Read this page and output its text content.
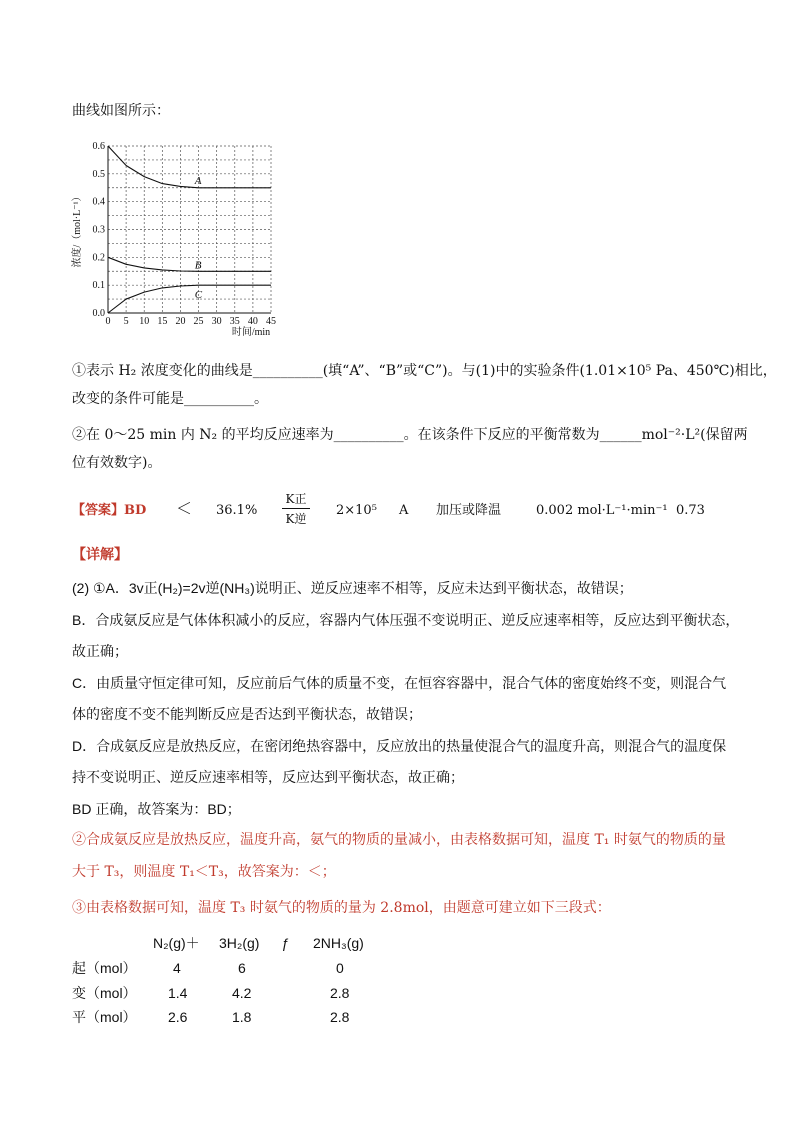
曲线如图所示：
0 5 10 15 20 25 30 35 40 45
0.0
0.1
0.2
0.3
0.4
0.5
0.6
时间/min
浓度/（mol·L⁻¹）
A
B
C
①表示 H₂ 浓度变化的曲线是__________(填“A”、“B”或“C”)。与(1)中的实验条件(1.01×10⁵ Pa、450℃)相比，
改变的条件可能是__________。
②在 0～25 min 内 N₂ 的平均反应速率为__________。在该条件下反应的平衡常数为______mol⁻²·L²(保留两
位有效数字)。
【答案】BD ＜ 36.1%
K正
K逆
2×10⁵ A 加压或降温	0.002 mol·L⁻¹·min⁻¹ 0.73
【详解】
(2) ①A．3v正(H₂)=2v逆(NH₃)说明正、逆反应速率不相等，反应未达到平衡状态，故错误；
B．合成氨反应是气体体积减小的反应，容器内气体压强不变说明正、逆反应速率相等，反应达到平衡状态，
故正确；
C．由质量守恒定律可知，反应前后气体的质量不变，在恒容容器中，混合气体的密度始终不变，则混合气
体的密度不变不能判断反应是否达到平衡状态，故错误；
D．合成氨反应是放热反应，在密闭绝热容器中，反应放出的热量使混合气的温度升高，则混合气的温度保
持不变说明正、逆反应速率相等，反应达到平衡状态，故正确；
BD 正确，故答案为：BD；
②合成氨反应是放热反应，温度升高，氨气的物质的量减小，由表格数据可知，温度 T₁ 时氨气的物质的量
大于 T₃，则温度 T₁＜T₃，故答案为：＜；
③由表格数据可知，温度 T₃ 时氨气的物质的量为 2.8mol，由题意可建立如下三段式：
N₂(g)＋ 3H₂(g) ƒ 2NH₃(g)
起（mol）	4	6	0
变（mol） 1.4	4.2	2.8
平（mol） 2.6	1.8	2.8
